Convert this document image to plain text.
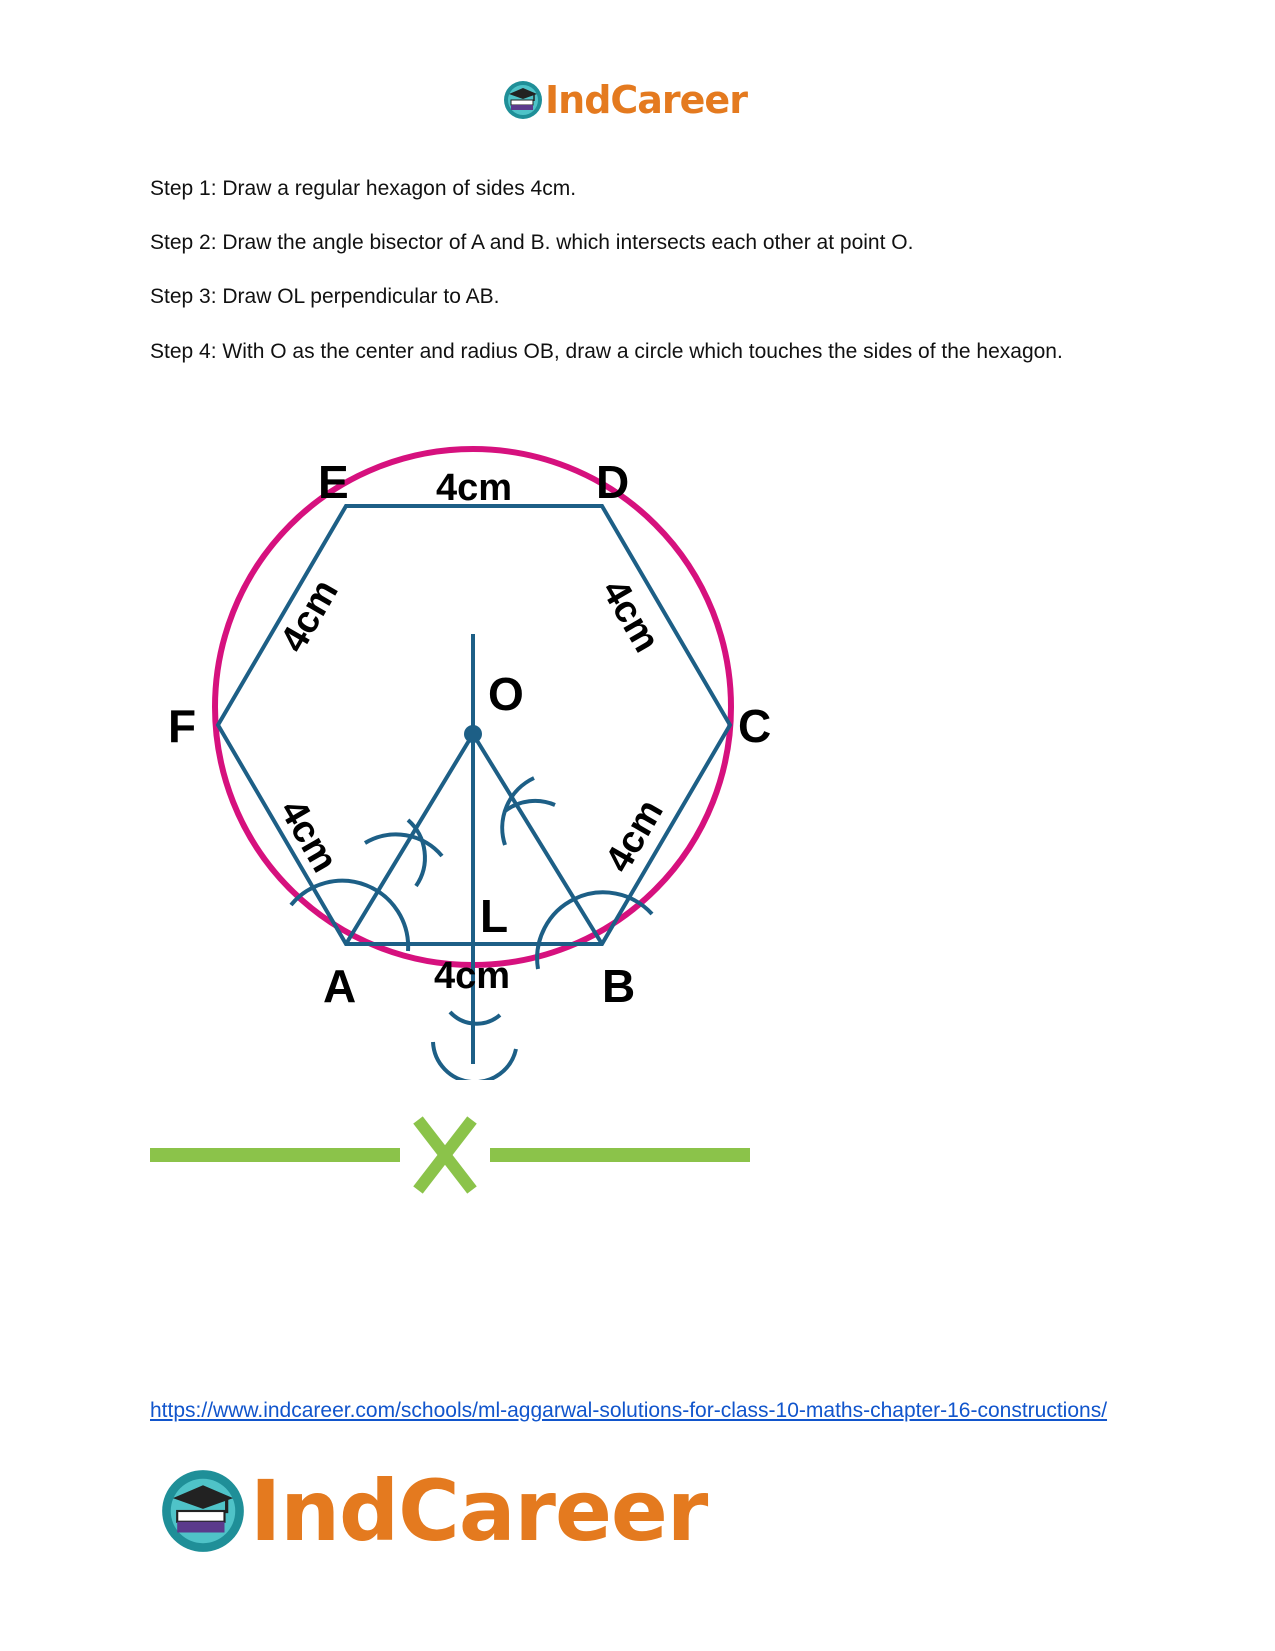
IndCareer

Step 1: Draw a regular hexagon of sides 4cm.

Step 2: Draw the angle bisector of A and B. which intersects each other at point O.

Step 3: Draw OL perpendicular to AB.

Step 4: With O as the center and radius OB, draw a circle which touches the sides of the hexagon.

E	D
F	C
O
L
A	B
4cm
4cm
4cm	4cm
4cm	4cm
https://www.indcareer.com/schools/ml-aggarwal-solutions-for-class-10-maths-chapter-16-constructions/
IndCareer
